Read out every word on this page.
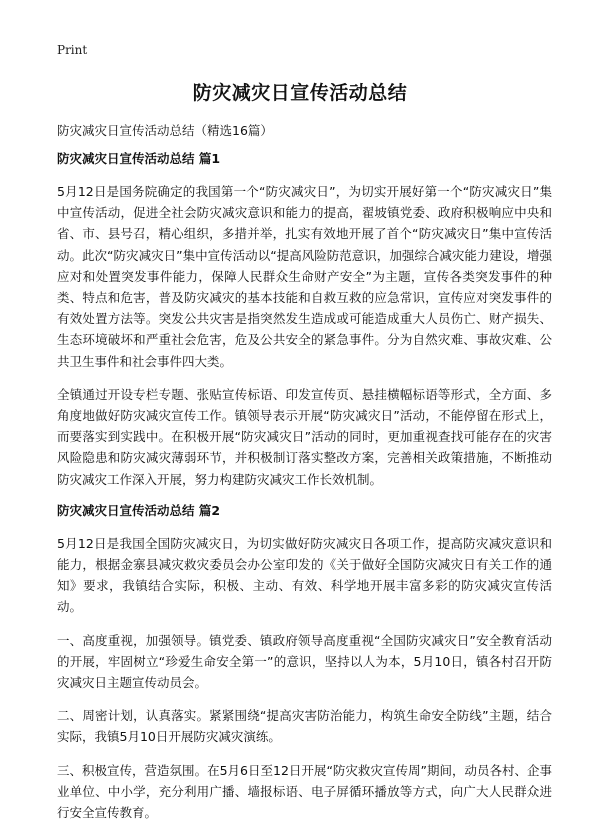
Print
防灾减灾日宣传活动总结

防灾减灾日宣传活动总结（精选16篇）

防灾减灾日宣传活动总结 篇1

5月12日是国务院确定的我国第一个“防灾减灾日”，为切实开展好第一个“防灾减灾日”集中宣传活动，促进全社会防灾减灾意识和能力的提高，翟坡镇党委、政府积极响应中央和省、市、县号召，精心组织，多措并举，扎实有效地开展了首个“防灾减灾日”集中宣传活动。此次“防灾减灾日”集中宣传活动以“提高风险防范意识，加强综合减灾能力建设，增强应对和处置突发事件能力，保障人民群众生命财产安全”为主题，宣传各类突发事件的种类、特点和危害，普及防灾减灾的基本技能和自救互救的应急常识，宣传应对突发事件的有效处置方法等。突发公共灾害是指突然发生造成或可能造成重大人员伤亡、财产损失、生态环境破坏和严重社会危害，危及公共安全的紧急事件。分为自然灾难、事故灾难、公共卫生事件和社会事件四大类。

全镇通过开设专栏专题、张贴宣传标语、印发宣传页、悬挂横幅标语等形式，全方面、多角度地做好防灾减灾宣传工作。镇领导表示开展“防灾减灾日”活动，不能停留在形式上，而要落实到实践中。在积极开展“防灾减灾日”活动的同时，更加重视查找可能存在的灾害风险隐患和防灾减灾薄弱环节，并积极制订落实整改方案，完善相关政策措施，不断推动防灾减灾工作深入开展，努力构建防灾减灾工作长效机制。

防灾减灾日宣传活动总结 篇2

5月12日是我国全国防灾减灾日，为切实做好防灾减灾日各项工作，提高防灾减灾意识和能力，根据金寨县减灾救灾委员会办公室印发的《关于做好全国防灾减灾日有关工作的通知》要求，我镇结合实际，积极、主动、有效、科学地开展丰富多彩的防灾减灾宣传活动。

一、高度重视，加强领导。镇党委、镇政府领导高度重视“全国防灾减灾日”安全教育活动的开展，牢固树立“珍爱生命安全第一”的意识，坚持以人为本，5月10日，镇各村召开防灾减灾日主题宣传动员会。

二、周密计划，认真落实。紧紧围绕“提高灾害防治能力，构筑生命安全防线”主题，结合实际，我镇5月10日开展防灾减灾演练。

三、积极宣传，营造氛围。在5月6日至12日开展“防灾救灾宣传周”期间，动员各村、企事业单位、中小学，充分利用广播、墙报标语、电子屏循环播放等方式，向广大人民群众进行安全宣传教育。
